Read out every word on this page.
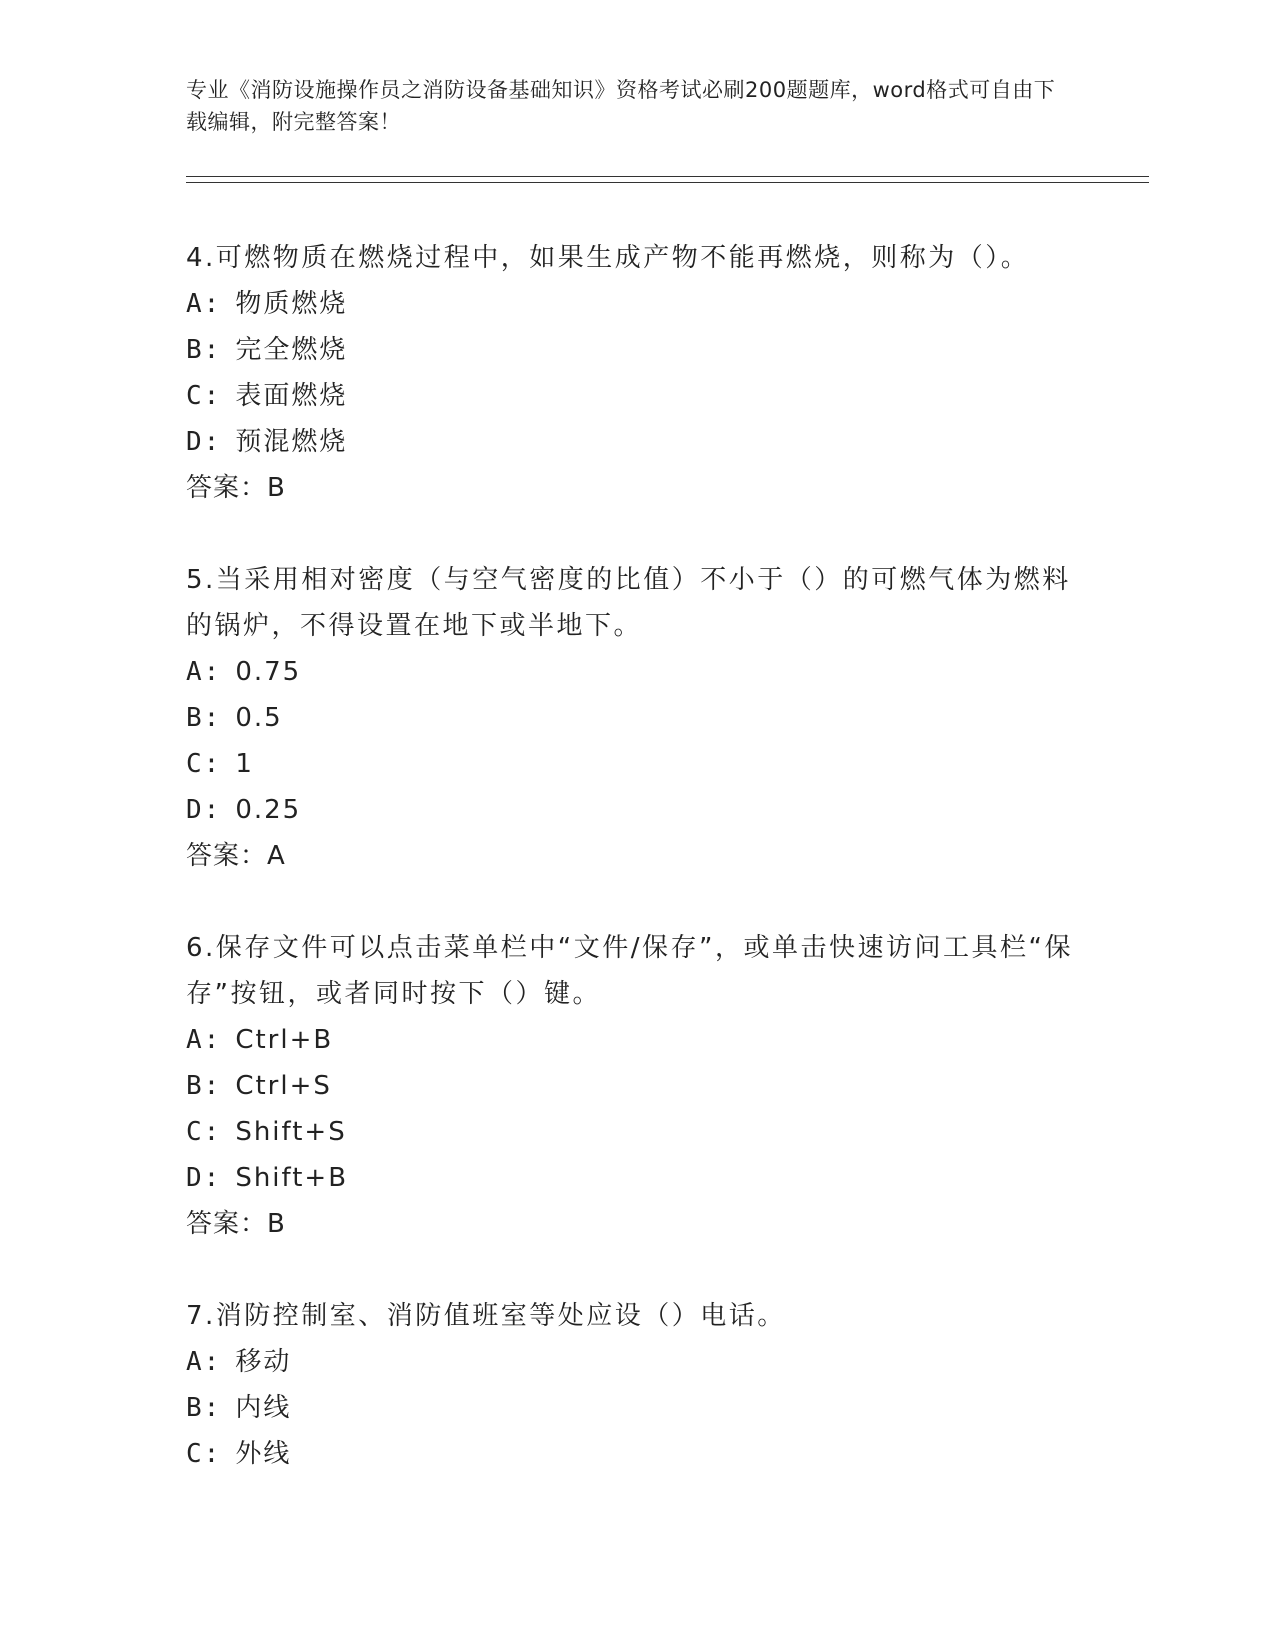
专业《消防设施操作员之消防设备基础知识》资格考试必刷200题题库，word格式可自由下载编辑，附完整答案！

4.可燃物质在燃烧过程中，如果生成产物不能再燃烧，则称为（）。

A: 物质燃烧
B: 完全燃烧
C: 表面燃烧
D: 预混燃烧
答案：B

5.当采用相对密度（与空气密度的比值）不小于（）的可燃气体为燃料的锅炉，不得设置在地下或半地下。

A: 0.75
B: 0.5
C: 1
D: 0.25
答案：A

6.保存文件可以点击菜单栏中“文件/保存”，或单击快速访问工具栏“保存”按钮，或者同时按下（）键。

A: Ctrl+B
B: Ctrl+S
C: Shift+S
D: Shift+B
答案：B

7.消防控制室、消防值班室等处应设（）电话。

A: 移动
B: 内线
C: 外线
